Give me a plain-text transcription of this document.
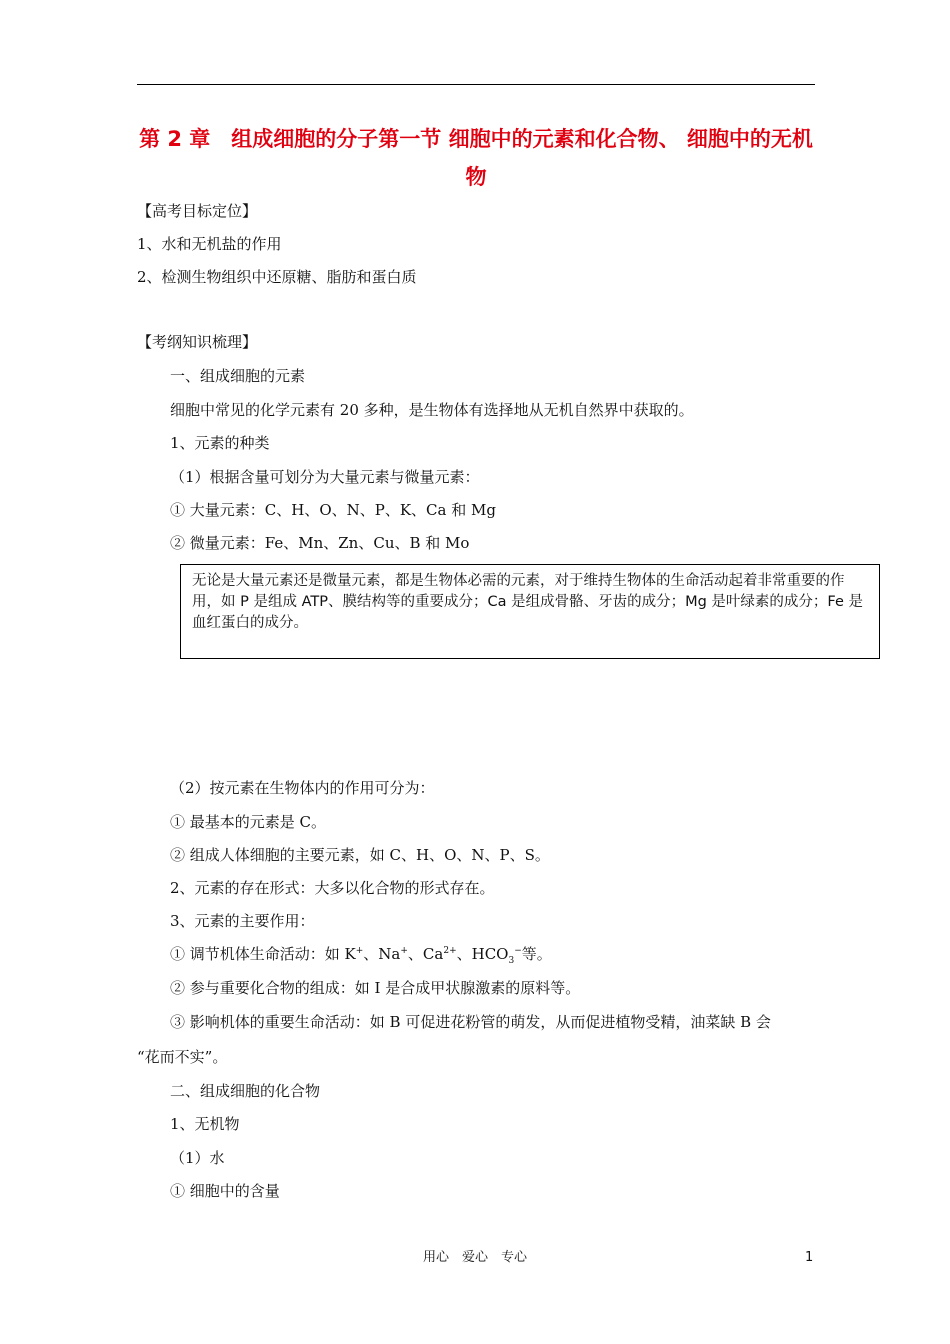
第 2 章　组成细胞的分子第一节 细胞中的元素和化合物、 细胞中的无机物
【高考目标定位】
1、水和无机盐的作用
2、检测生物组织中还原糖、脂肪和蛋白质
【考纲知识梳理】
一、组成细胞的元素
细胞中常见的化学元素有 20 多种，是生物体有选择地从无机自然界中获取的。
1、元素的种类
（1）根据含量可划分为大量元素与微量元素：
① 大量元素：C、H、O、N、P、K、Ca 和 Mg
② 微量元素：Fe、Mn、Zn、Cu、B 和 Mo

无论是大量元素还是微量元素，都是生物体必需的元素，对于维持生物体的生命活动起着非常重要的作用，如 P 是组成 ATP、膜结构等的重要成分；Ca 是组成骨骼、牙齿的成分；Mg 是叶绿素的成分；Fe 是血红蛋白的成分。

（2）按元素在生物体内的作用可分为：
① 最基本的元素是 C。
② 组成人体细胞的主要元素，如 C、H、O、N、P、S。
2、元素的存在形式：大多以化合物的形式存在。
3、元素的主要作用：
① 调节机体生命活动：如 K+、Na+、$Ca^{2+}$、$HCO_3^-$等。
② 参与重要化合物的组成：如 I 是合成甲状腺激素的原料等。
③ 影响机体的重要生命活动：如 B 可促进花粉管的萌发，从而促进植物受精，油菜缺 B 会
“花而不实”。
二、组成细胞的化合物
1、无机物
（1）水
① 细胞中的含量
用心　爱心　专心	1
